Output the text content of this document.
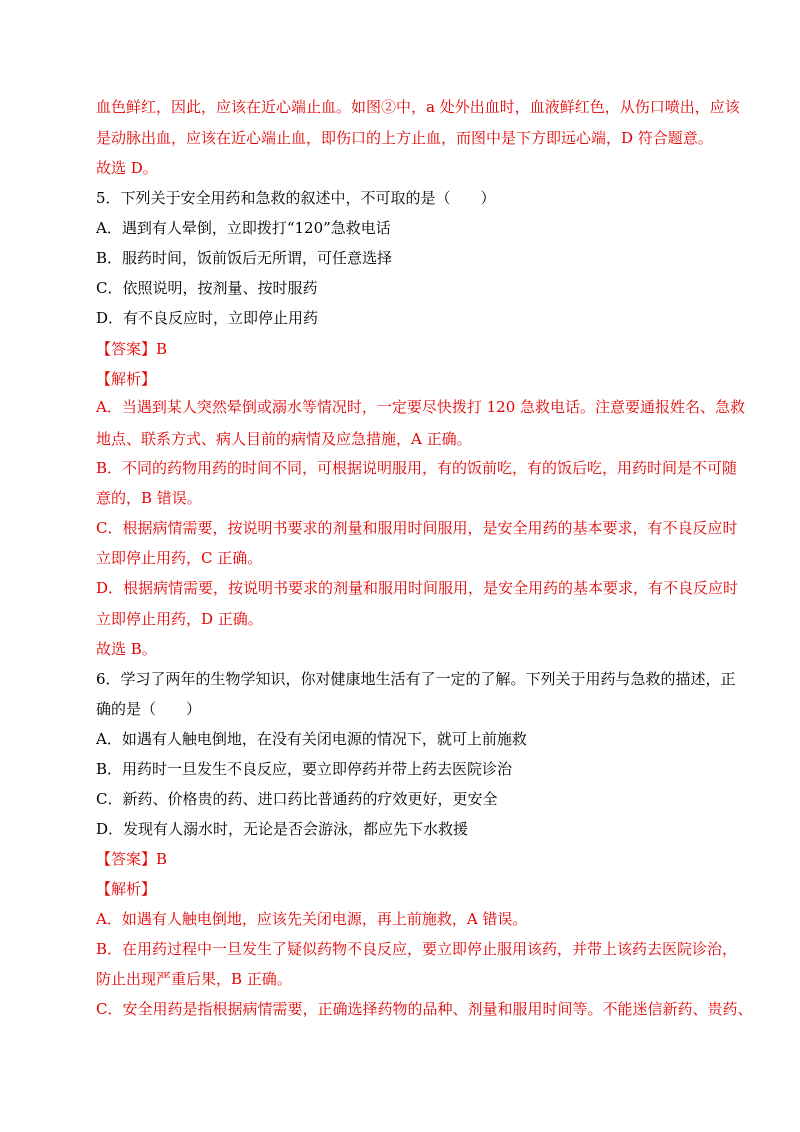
血色鲜红，因此，应该在近心端止血。如图②中，a 处外出血时，血液鲜红色，从伤口喷出，应该
是动脉出血，应该在近心端止血，即伤口的上方止血，而图中是下方即远心端，D 符合题意。
故选 D。
5．下列关于安全用药和急救的叙述中，不可取的是（　　）
A．遇到有人晕倒，立即拨打“120”急救电话
B．服药时间，饭前饭后无所谓，可任意选择
C．依照说明，按剂量、按时服药
D．有不良反应时，立即停止用药
【答案】B
【解析】
A．当遇到某人突然晕倒或溺水等情况时，一定要尽快拨打 120 急救电话。注意要通报姓名、急救
地点、联系方式、病人目前的病情及应急措施，A 正确。
B．不同的药物用药的时间不同，可根据说明服用，有的饭前吃，有的饭后吃，用药时间是不可随
意的，B 错误。
C．根据病情需要，按说明书要求的剂量和服用时间服用，是安全用药的基本要求，有不良反应时
立即停止用药，C 正确。
D．根据病情需要，按说明书要求的剂量和服用时间服用，是安全用药的基本要求，有不良反应时
立即停止用药，D 正确。
故选 B。
6．学习了两年的生物学知识，你对健康地生活有了一定的了解。下列关于用药与急救的描述，正
确的是（　　）
A．如遇有人触电倒地，在没有关闭电源的情况下，就可上前施救
B．用药时一旦发生不良反应，要立即停药并带上药去医院诊治
C．新药、价格贵的药、进口药比普通药的疗效更好，更安全
D．发现有人溺水时，无论是否会游泳，都应先下水救援
【答案】B
【解析】
A．如遇有人触电倒地，应该先关闭电源，再上前施救，A 错误。
B．在用药过程中一旦发生了疑似药物不良反应，要立即停止服用该药，并带上该药去医院诊治，
防止出现严重后果，B 正确。
C．安全用药是指根据病情需要，正确选择药物的品种、剂量和服用时间等。不能迷信新药、贵药、
